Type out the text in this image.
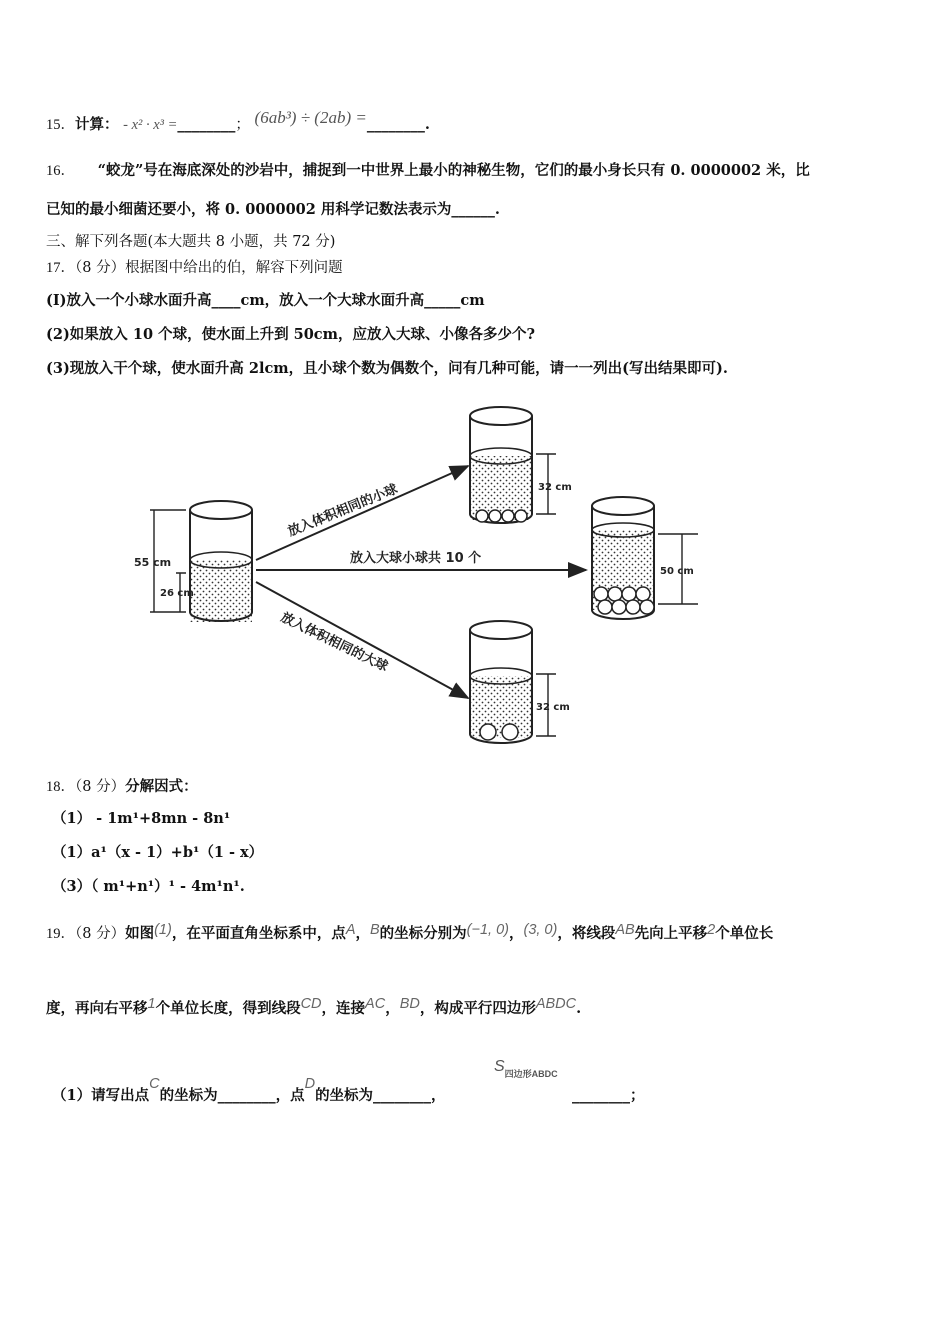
15．计算： - x² · x³ =________； (6ab³) ÷ (2ab) =________.
16． “蛟龙”号在海底深处的沙岩中，捕捉到一中世界上最小的神秘生物，它们的最小身长只有 0. 0000002 米，比
已知的最小细菌还要小，将 0. 0000002 用科学记数法表示为______.
三、解下列各题(本大题共 8 小题，共 72 分)
17．（8 分）根据图中给出的伯，解容下列问题
(I)放入一个小球水面升高____cm，放入一个大球水面升高_____cm
(2)如果放入 10 个球，使水面上升到 50cm，应放入大球、小像各多少个?
(3)现放入干个球，使水面升高 2lcm，且小球个数为偶数个，问有几种可能，请一一列出(写出结果即可).
55 cm
26 cm
32 cm
50 cm
32 cm
放入体积相同的小球
放入大球小球共 10 个
放入体积相同的大球
18．（8 分）分解因式：
（1） - 1m¹+8mn - 8n¹
（1）a¹（x - 1）+b¹（1 - x）
（3）（ m¹+n¹）¹ - 4m¹n¹.
19．（8 分）如图(1)，在平面直角坐标系中，点A，B的坐标分别为(−1, 0)，(3, 0)，将线段AB先向上平移2个单位长
度，再向右平移1个单位长度，得到线段CD，连接AC，BD，构成平行四边形ABDC.
（1）请写出点C的坐标为________，点D的坐标为________，
$S_{四边形ABDC}$
________；
